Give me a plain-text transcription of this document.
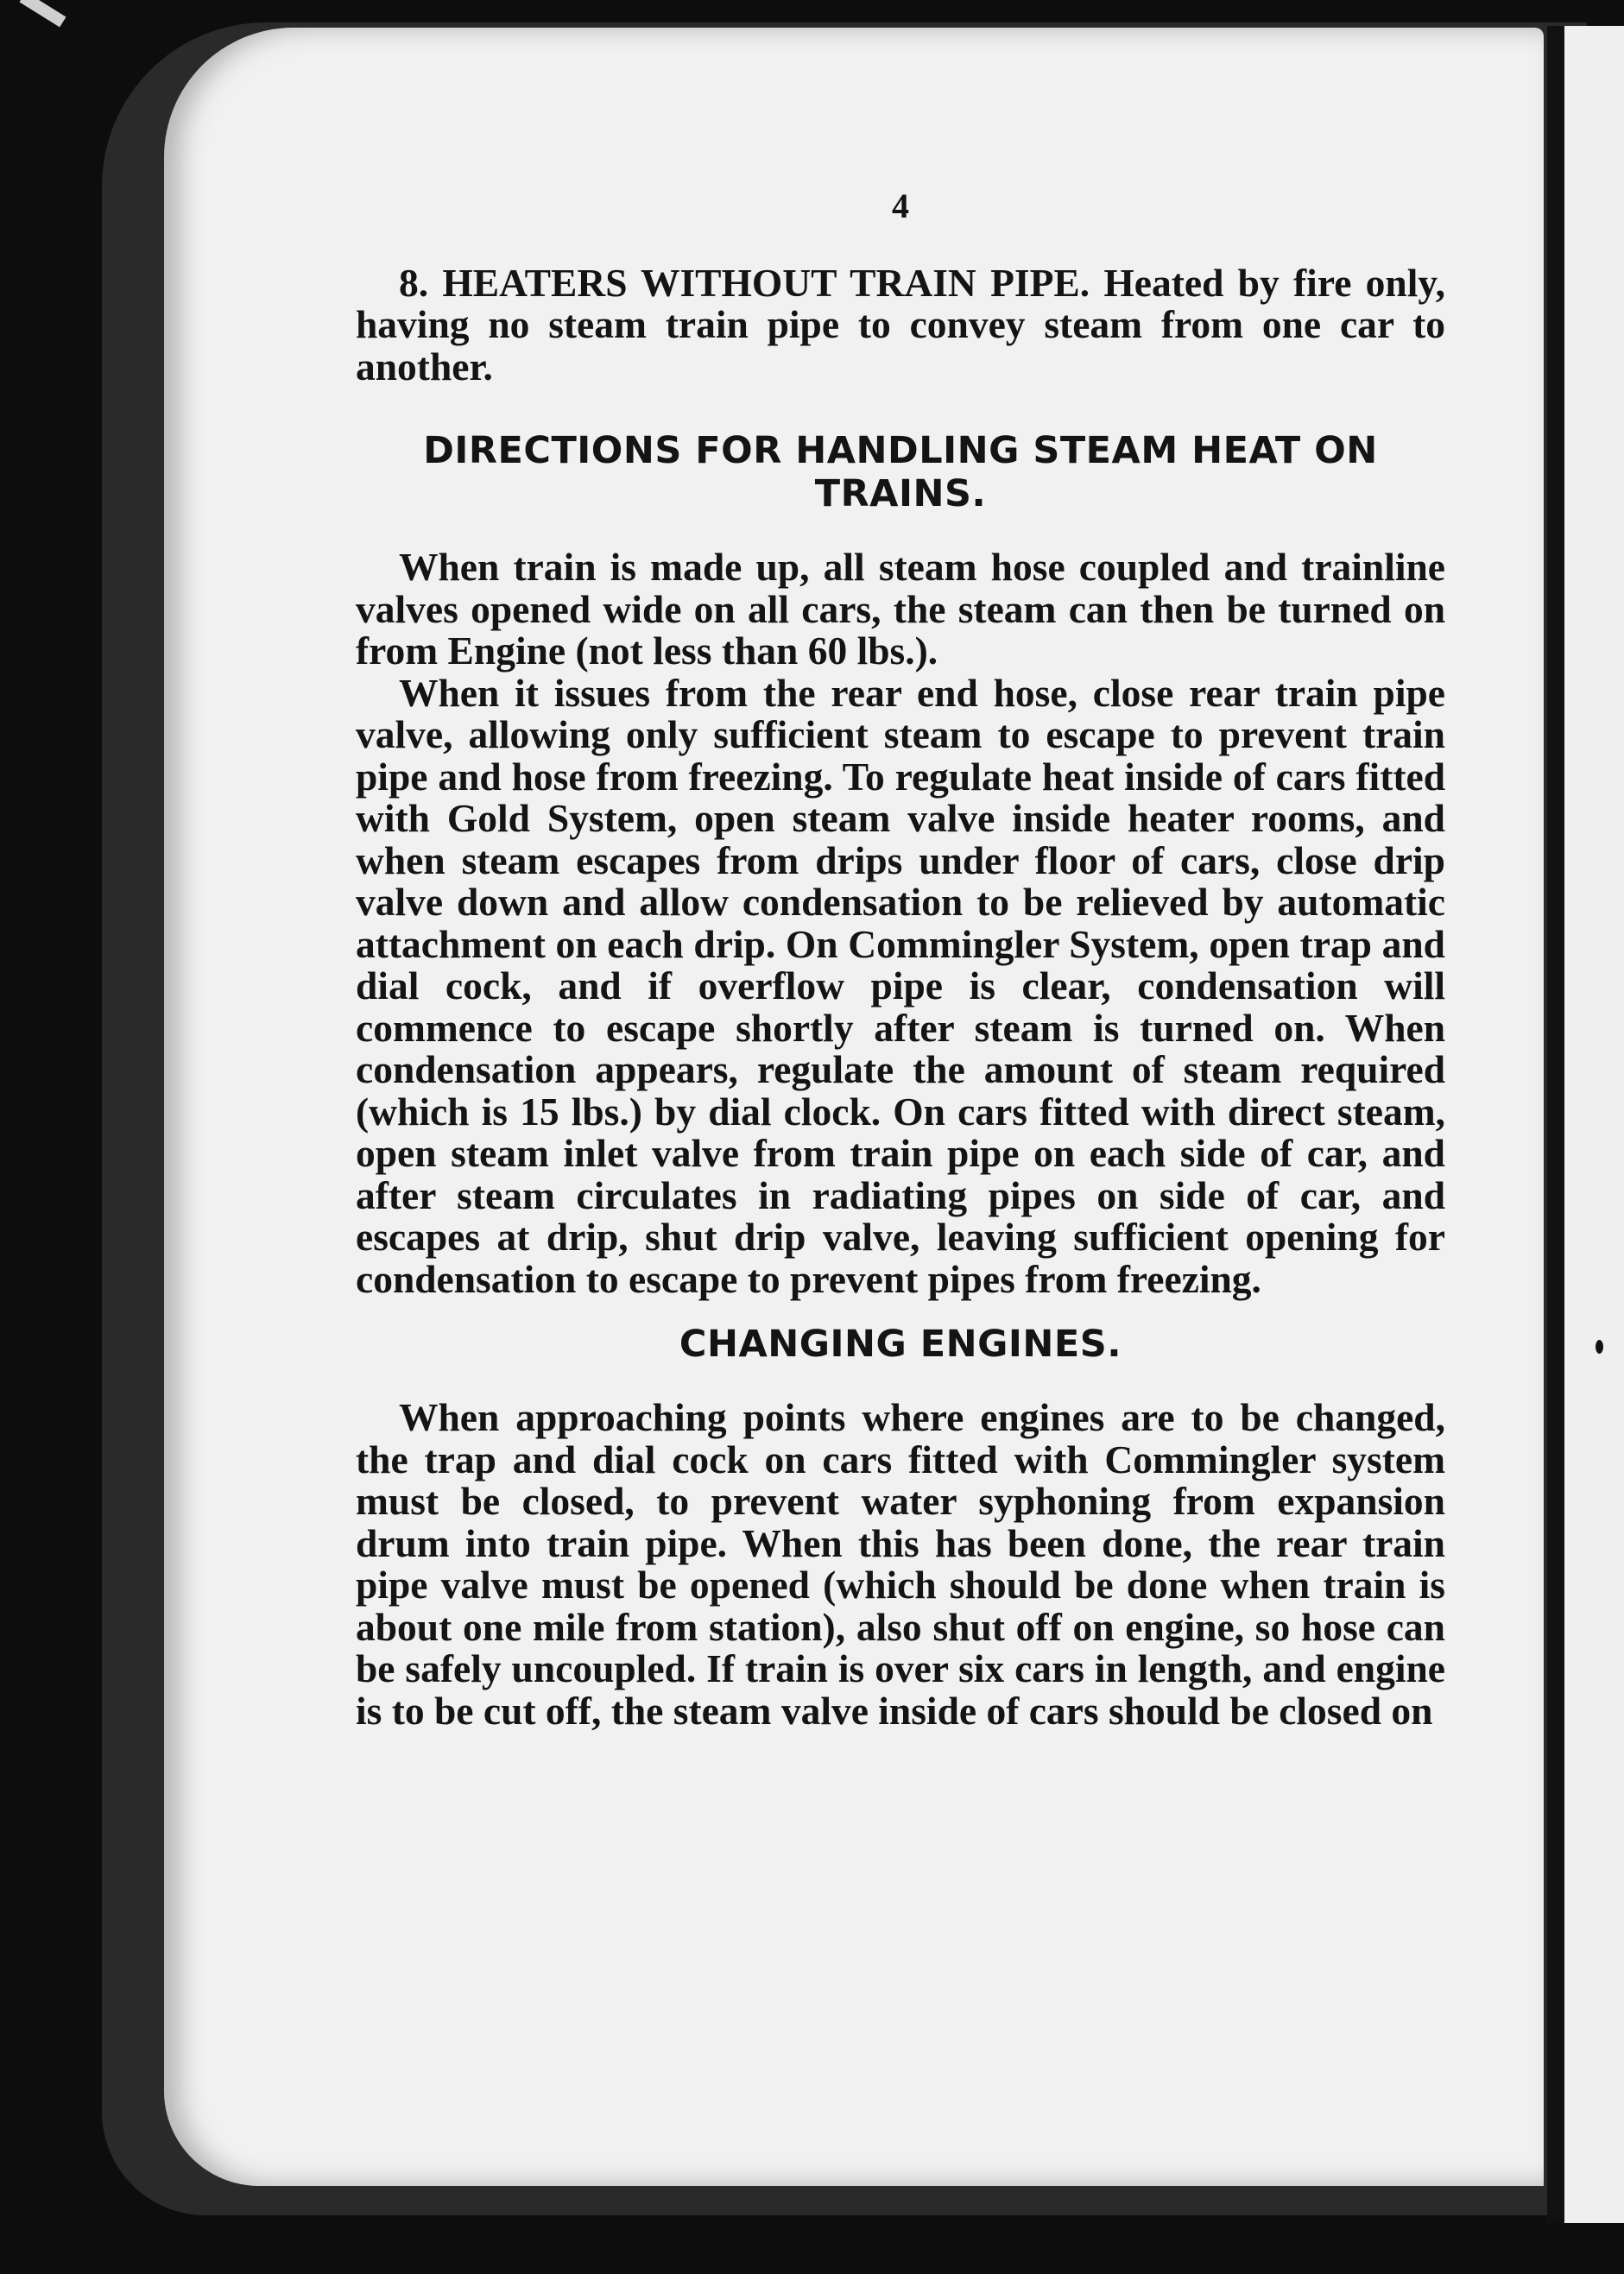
4

8. HEATERS WITHOUT TRAIN PIPE. Heated by fire only, having no steam train pipe to convey steam from one car to another.

DIRECTIONS FOR HANDLING STEAM HEAT ON TRAINS.

When train is made up, all steam hose coupled and trainline valves opened wide on all cars, the steam can then be turned on from Engine (not less than 60 lbs.).

When it issues from the rear end hose, close rear train pipe valve, allowing only sufficient steam to escape to prevent train pipe and hose from freezing. To regulate heat inside of cars fitted with Gold System, open steam valve inside heater rooms, and when steam escapes from drips under floor of cars, close drip valve down and allow condensation to be relieved by automatic attachment on each drip. On Commingler System, open trap and dial cock, and if overflow pipe is clear, condensation will commence to escape shortly after steam is turned on. When condensation appears, regulate the amount of steam required (which is 15 lbs.) by dial clock. On cars fitted with direct steam, open steam inlet valve from train pipe on each side of car, and after steam circulates in radiating pipes on side of car, and escapes at drip, shut drip valve, leaving sufficient opening for condensation to escape to prevent pipes from freezing.

CHANGING ENGINES.

When approaching points where engines are to be changed, the trap and dial cock on cars fitted with Commingler system must be closed, to prevent water syphoning from expansion drum into train pipe. When this has been done, the rear train pipe valve must be opened (which should be done when train is about one mile from station), also shut off on engine, so hose can be safely uncoupled. If train is over six cars in length, and engine is to be cut off, the steam valve inside of cars should be closed on
